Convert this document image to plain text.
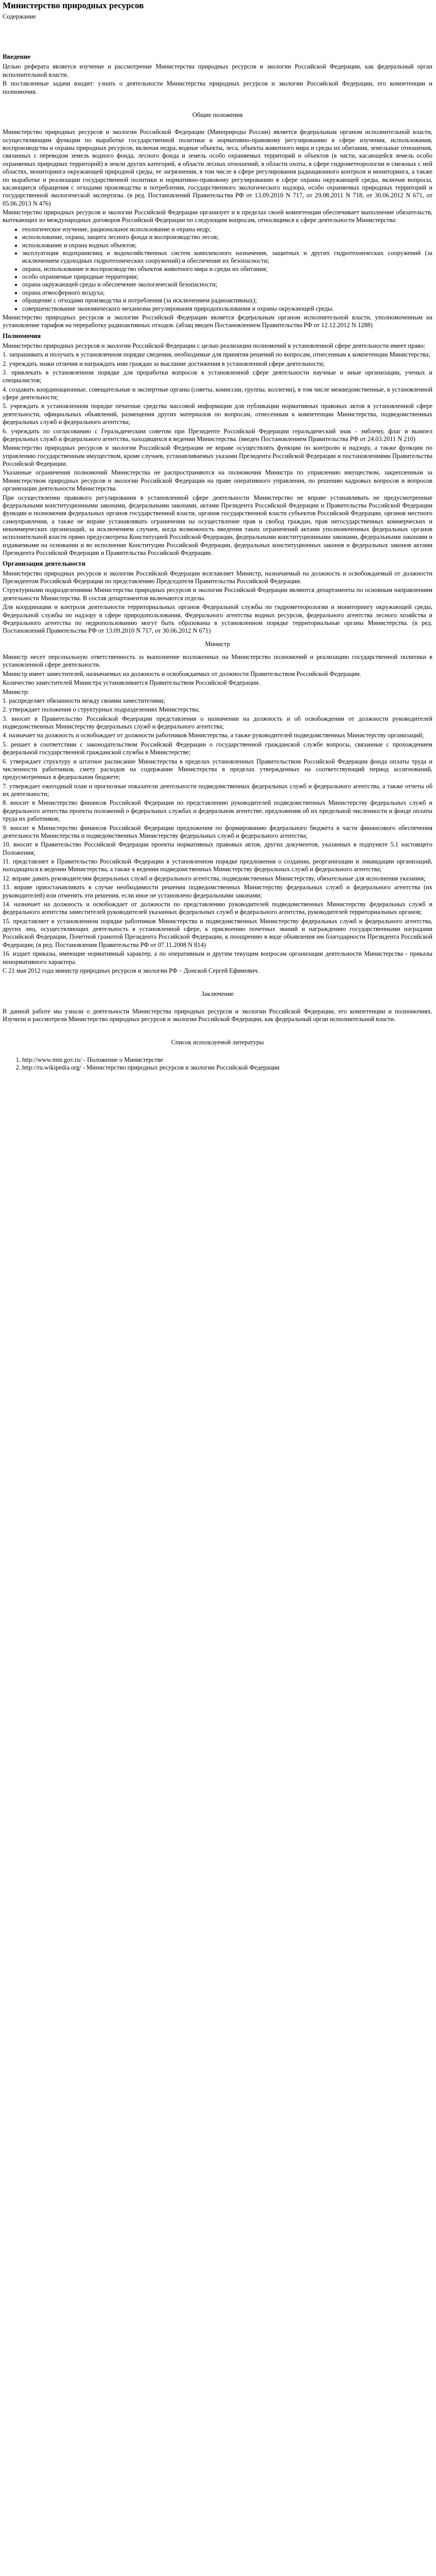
Министерство природных ресурсов
Содержание
Введение

Целью реферата является изучение и рассмотрение Министерства природных ресурсов и экологии Российской Федерации, как федеральный орган исполнительной власти.

В поставленные задачи входит: узнать о деятельности Министерства природных ресурсов и экологии Российской Федерации, его компетенции и полномочия.

Общие положения

Министерство природных ресурсов и экологии Российской Федерации (Минприроды России) является федеральным органом исполнительной власти, осуществляющим функции по выработке государственной политики и нормативно-правовому регулированию в сфере изучения, использования, воспроизводства и охраны природных ресурсов, включая недра, водные объекты, леса, объекты животного мира и среды их обитания, земельные отношения, связанных с переводом земель водного фонда, лесного фонда и земель особо охраняемых территорий и объектов (в части, касающейся земель особо охраняемых природных территорий) в земли других категорий, в области лесных отношений, в области охоты, в сфере гидрометеорологии и смежных с ней областях, мониторинга окружающей природной среды, ее загрязнения, в том числе в сфере регулирования радиационного контроля и мониторинга, а также по выработке и реализации государственной политики и нормативно-правовому регулированию в сфере охраны окружающей среды, включая вопросы, касающиеся обращения с отходами производства и потребления, государственного экологического надзора, особо охраняемых природных территорий и государственной экологической экспертизы. (в ред. Постановлений Правительства РФ от 13.09.2010 N 717, от 29.08.2011 N 718, от 30.06.2012 N 671, от 05.06.2013 N 476)

Министерство природных ресурсов и экологии Российской Федерации организует и в пределах своей компетенции обеспечивает выполнение обязательств, вытекающих из международных договоров Российской Федерации по следующим вопросам, относящимся к сфере деятельности Министерства:

• геологическое изучение, рациональное использование и охрана недр;
• использование, охрана, защита лесного фонда и воспроизводство лесов;
• использование и охрана водных объектов;
• эксплуатация водохранилищ и водохозяйственных систем комплексного назначения, защитных и других гидротехнических сооружений (за исключением судоходных гидротехнических сооружений) и обеспечение их безопасности;
• охрана, использование и воспроизводство объектов животного мира и среды их обитания;
• особо охраняемые природные территории;
• охрана окружающей среды и обеспечение экологической безопасности;
• охрана атмосферного воздуха;
• обращение с отходами производства и потребления (за исключением радиоактивных);
• совершенствование экономического механизма регулирования природопользования и охраны окружающей среды.

Министерство природных ресурсов и экологии Российской Федерации является федеральным органом исполнительной власти, уполномоченным на установление тарифов на переработку радиоактивных отходов. (абзац введен Постановлением Правительства РФ от 12.12.2012 N 1288)

Полномочия

Министерство природных ресурсов и экологии Российской Федерации с целью реализации полномочий в установленной сфере деятельности имеет право:

1. запрашивать и получать в установленном порядке сведения, необходимые для принятия решений по вопросам, отнесенным к компетенции Министерства;

2. учреждать знаки отличия и награждать ими граждан за выслание достижения в установленной сфере деятельности;

3. привлекать в установленном порядке для проработки вопросов в установленной сфере деятельности научные и иные организации, ученых и специалистов;

4. создавать координационные, совещательные и экспертные органы (советы, комиссии, группы, коллегии), в том числе межведомственные, в установленной сфере деятельности;

5. учреждать в установленном порядке печатные средства массовой информации для публикации нормативных правовых актов в установленной сфере деятельности, официальных объявлений, размещения других материалов по вопросам, отнесенным к компетенции Министерства, подведомственных федеральных служб и федерального агентства;

6. учреждать по согласованию с Геральдическим советом при Президенте Российской Федерации геральдический знак - эмблему, флаг и вымпел федеральных служб и федерального агентства, находящихся в ведении Министерства. (введен Постановлением Правительства РФ от 24.03.2011 N 210)

Министерство природных ресурсов и экологии Российской Федерации не вправе осуществлять функции по контролю и надзору, а также функции по управлению государственным имуществом, кроме случаев, устанавливаемых указами Президента Российской Федерации и постановлениями Правительства Российской Федерации.

Указанные ограничения полномочий Министерства не распространяются на полномочия Министра по управлению имуществом, закрепленным за Министерством природных ресурсов и экологии Российской Федерации на праве оперативного управления, по решению кадровых вопросов и вопросов организации деятельности Министерства.

При осуществлении правового регулирования в установленной сфере деятельности Министерство не вправе устанавливать не предусмотренные федеральными конституционными законами, федеральными законами, актами Президента Российской Федерации и Правительства Российской Федерации функции и полномочия федеральных органов государственной власти, органов государственной власти субъектов Российской Федерации, органов местного самоуправления, а также не вправе устанавливать ограничения на осуществление прав и свобод граждан, прав негосударственных коммерческих и некоммерческих организаций, за исключением случаев, когда возможность введения таких ограничений актами уполномоченных федеральных органов исполнительной власти прямо предусмотрена Конституцией Российской Федерации, федеральными конституционными законами, федеральными законами и издаваемыми на основании и во исполнение Конституции Российской Федерации, федеральных конституционных законов и федеральных законов актами Президента Российской Федерации и Правительства Российской Федерации.

Организация деятельности

Министерство природных ресурсов и экологии Российской Федерации возглавляет Министр, назначаемый на должность и освобождаемый от должности Президентом Российской Федерации по представлению Председателя Правительства Российской Федерации.

Структурными подразделениями Министерства природных ресурсов и экологии Российской Федерации являются департаменты по основным направлениям деятельности Министерства. В состав департаментов включаются отделы.

Для координации и контроля деятельности территориальных органов Федеральной службы по гидрометеорологии и мониторингу окружающей среды, Федеральной службы по надзору в сфере природопользования, Федерального агентства водных ресурсов, федерального агентства лесного хозяйства и Федерального агентства по недропользованию могут быть образованы в установленном порядке территориальные органы Министерства. (в ред. Постановлений Правительства РФ от 13.09.2010 N 717, от 30.06.2012 N 671)

Министр

Министр несет персональную ответственность за выполнение возложенных на Министерство полномочий и реализацию государственной политики в установленной сфере деятельности.

Министр имеет заместителей, назначаемых на должность и освобождаемых от должности Правительством Российской Федерации.

Количество заместителей Министра устанавливается Правительством Российской Федерации.

Министр:

1. распределяет обязанности между своими заместителями;

2. утверждает положения о структурных подразделениях Министерства;

3. вносит в Правительство Российской Федерации представления о назначении на должность и об освобождении от должности руководителей подведомственных Министерству федеральных служб и федерального агентства;

4. назначает на должность и освобождает от должности работников Министерства, а также руководителей подведомственных Министерству организаций;

5. решает в соответствии с законодательством Российской Федерации о государственной гражданской службе вопросы, связанные с прохождением федеральной государственной гражданской службы в Министерстве;

6. утверждает структуру и штатное расписание Министерства в пределах установленных Правительством Российской Федерации фонда оплаты труда и численности работников, смету расходов на содержание Министерства в пределах утвержденных на соответствующий период ассигнований, предусмотренных в федеральном бюджете;

7. утверждает ежегодный план и прогнозные показатели деятельности подведомственных федеральных служб и федерального агентства, а также отчеты об их деятельности;

8. вносит в Министерство финансов Российской Федерации по представлению руководителей подведомственных Министерству федеральных служб и федерального агентства проекты положений о федеральных службах и федеральном агентстве, предложения об их предельной численности и фонде оплаты труда их работников;

9. вносит в Министерство финансов Российской Федерации предложения по формированию федерального бюджета в части финансового обеспечения деятельности Министерства и подведомственных Министерству федеральных служб и федерального агентства;

10. вносит в Правительство Российской Федерации проекты нормативных правовых актов, других документов, указанных в подпункте 5.1 настоящего Положения;

11. представляет в Правительство Российской Федерации в установленном порядке предложения о создании, реорганизации и ликвидации организаций, находящихся в ведении Министерства, а также в ведении подведомственных Министерству федеральных служб и федерального агентства;

12. вправе давать руководителям федеральных служб и федерального агентства, подведомственных Министерству, обязательные для исполнения указания;

13. вправе приостанавливать в случае необходимости решения подведомственных Министерству федеральных служб и федерального агентства (их руководителей) или отменять эти решения, если иное не установлено федеральными законами;

14. назначает на должность и освобождает от должности по представлению руководителей подведомственных Министерству федеральных служб и федерального агентства заместителей руководителей указанных федеральных служб и федерального агентства, руководителей территориальных органов;

15. представляет в установленном порядке работников Министерства и подведомственных Министерству федеральных служб и федерального агентства, других лиц, осуществляющих деятельность в установленной сфере, к присвоению почетных званий и награждению государственными наградами Российской Федерации, Почетной грамотой Президента Российской Федерации, к поощрению в виде объявления им благодарности Президента Российской Федерации; (в ред. Постановления Правительства РФ от 07.11.2008 N 814)

16. издает приказы, имеющие нормативный характер, а по оперативным и другим текущим вопросам организации деятельности Министерства - приказы ненормативного характера.

С 21 мая 2012 года министр природных ресурсов и экологии РФ – Донской Сергей Ефимович.

Заключение

В данной работе мы узнали о деятельности Министерства природных ресурсов и экологии Российской Федерации, его компетенции и полномочиях. Изучили и рассмотрели Министерство природных ресурсов и экологии Российской Федерации, как федеральный орган исполнительной власти.

Список используемой литературы
1. http://www.mnr.gov.ru/ - Положение о Министерстве
2. http://ru.wikipedia.org/ - Министерство природных ресурсов и экологии Российской Федерации
